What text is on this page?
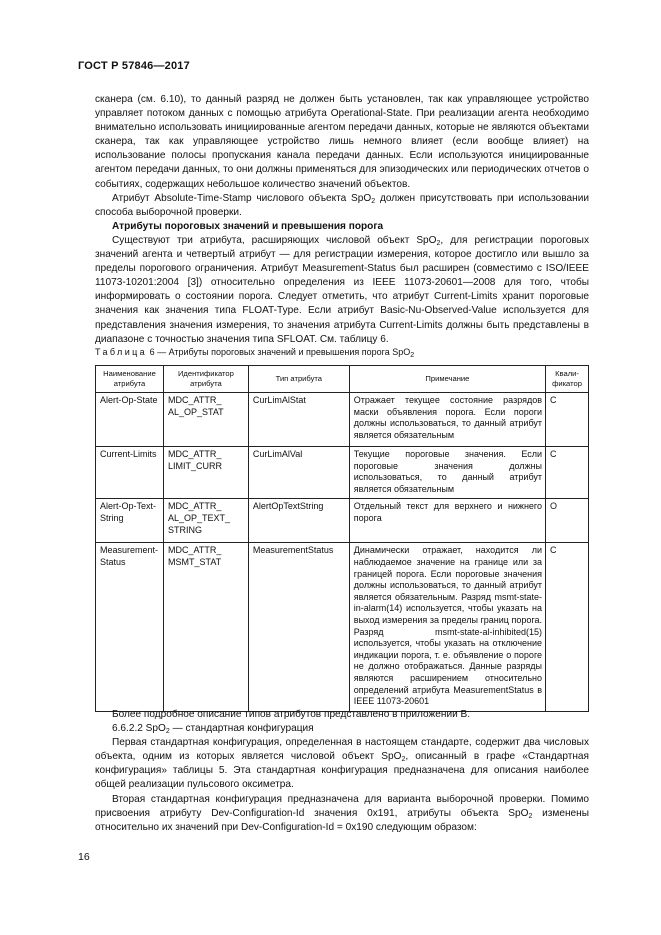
ГОСТ Р 57846—2017

сканера (см. 6.10), то данный разряд не должен быть установлен, так как управляющее устройство управляет потоком данных с помощью атрибута Operational-State. При реализации агента необходимо внимательно использовать инициированные агентом передачи данных, которые не являются объектами сканера, так как управляющее устройство лишь немного влияет (если вообще влияет) на использование полосы пропускания канала передачи данных. Если используются инициированные агентом передачи данных, то они должны применяться для эпизодических или периодических отчетов о событиях, содержащих небольшое количество значений объектов.

Атрибут Absolute-Time-Stamp числового объекта SpO$_2$ должен присутствовать при использовании способа выборочной проверки.

Атрибуты пороговых значений и превышения порога

Существуют три атрибута, расширяющих числовой объект SpO$_2$, для регистрации пороговых значений агента и четвертый атрибут — для регистрации измерения, которое достигло или вышло за пределы порогового ограничения. Атрибут Measurement-Status был расширен (совместимо с ISO/IEEE 11073-10201:2004 [3]) относительно определения из IEEE 11073-20601—2008 для того, чтобы информировать о состоянии порога. Следует отметить, что атрибут Current-Limits хранит пороговые значения как значения типа FLOAT-Type. Если атрибут Basic-Nu-Observed-Value используется для представления значения измерения, то значения атрибута Current-Limits должны быть представлены в диапазоне с точностью значения типа SFLOAT. См. таблицу 6.

Таблица 6 — Атрибуты пороговых значений и превышения порога SpO$_2$
Наименование атрибута	Идентификатор атрибута	Тип атрибута	Примечание	Квали-фикатор
Alert-Op-State	MDC_ATTR_ AL_OP_STAT	CurLimAlStat	Отражает текущее состояние разрядов маски объявления порога. Если пороги должны использоваться, то данный атрибут является обязательным	C
Current-Limits	MDC_ATTR_ LIMIT_CURR	CurLimAlVal	Текущие пороговые значения. Если пороговые значения должны использоваться, то данный атрибут является обязательным	C
Alert-Op-Text-String	MDC_ATTR_ AL_OP_TEXT_ STRING	AlertOpTextString	Отдельный текст для верхнего и нижнего порога	O
Measurement-Status	MDC_ATTR_ MSMT_STAT	MeasurementStatus	Динамически отражает, находится ли наблюдаемое значение на границе или за границей порога. Если пороговые значения должны использоваться, то данный атрибут является обязательным. Разряд msmt-state-in-alarm(14) используется, чтобы указать на выход измерения за пределы границ порога. Разряд msmt-state-al-inhibited(15) используется, чтобы указать на отключение индикации порога, т. е. объявление о пороге не должно отображаться. Данные разряды являются расширением относительно определений атрибута MeasurementStatus в IEEE 11073-20601	C

Более подробное описание типов атрибутов представлено в приложении В.

6.6.2.2 SpO$_2$ — стандартная конфигурация

Первая стандартная конфигурация, определенная в настоящем стандарте, содержит два числовых объекта, одним из которых является числовой объект SpO$_2$, описанный в графе «Стандартная конфигурация» таблицы 5. Эта стандартная конфигурация предназначена для описания наиболее общей реализации пульсового оксиметра.

Вторая стандартная конфигурация предназначена для варианта выборочной проверки. Помимо присвоения атрибуту Dev-Configuration-Id значения 0x191, атрибуты объекта SpO$_2$ изменены относительно их значений при Dev-Configuration-Id = 0x190 следующим образом:

16
